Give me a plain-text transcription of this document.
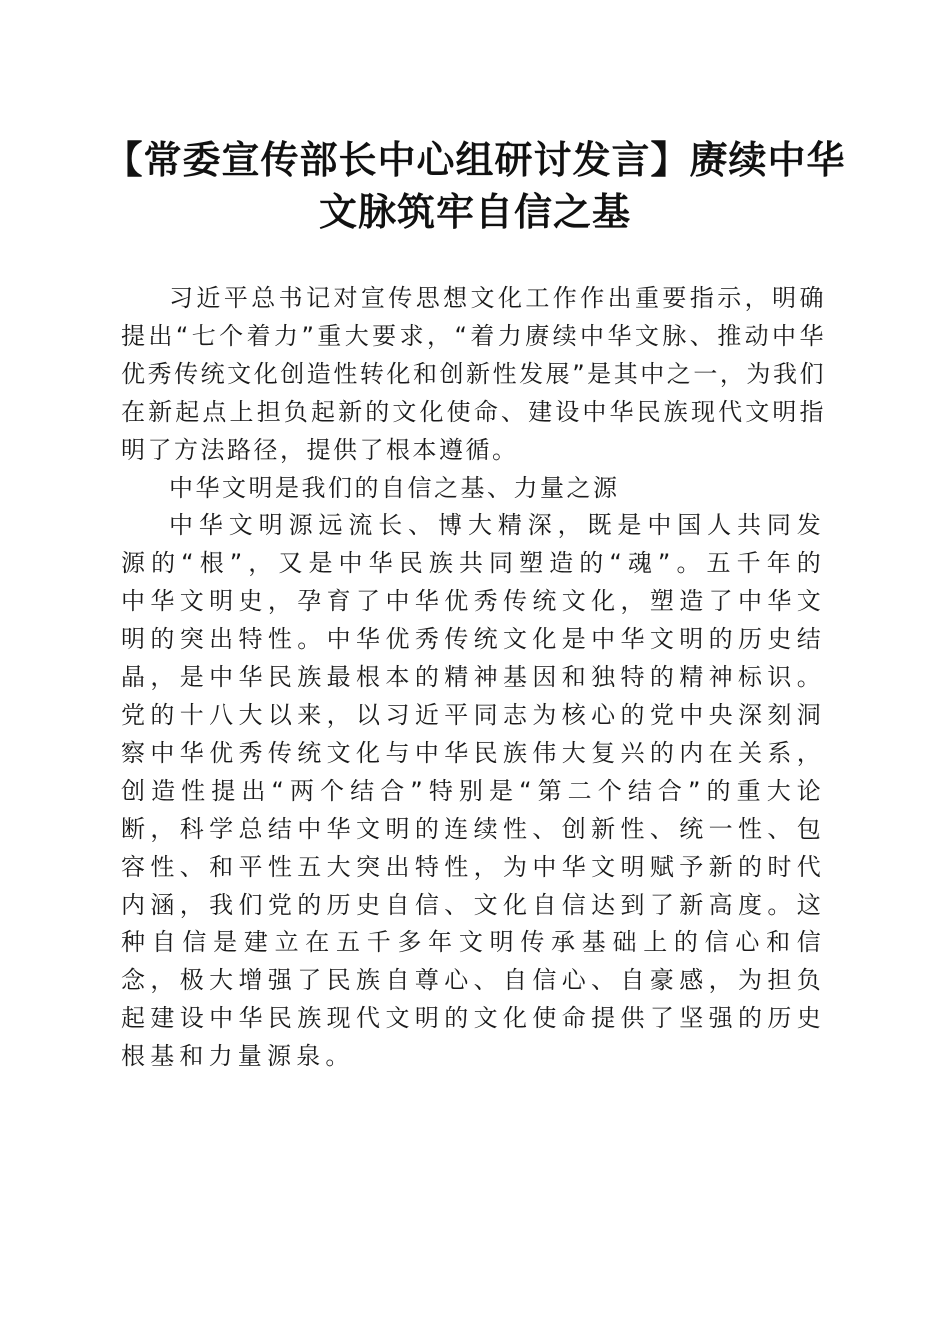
【常委宣传部长中心组研讨发言】赓续中华文脉筑牢自信之基

习近平总书记对宣传思想文化工作作出重要指示，明确提出“七个着力”重大要求，“着力赓续中华文脉、推动中华优秀传统文化创造性转化和创新性发展”是其中之一，为我们在新起点上担负起新的文化使命、建设中华民族现代文明指明了方法路径，提供了根本遵循。

中华文明是我们的自信之基、力量之源

中华文明源远流长、博大精深，既是中国人共同发源的“根”，又是中华民族共同塑造的“魂”。五千年的中华文明史，孕育了中华优秀传统文化，塑造了中华文明的突出特性。中华优秀传统文化是中华文明的历史结晶，是中华民族最根本的精神基因和独特的精神标识。党的十八大以来，以习近平同志为核心的党中央深刻洞察中华优秀传统文化与中华民族伟大复兴的内在关系，创造性提出“两个结合”特别是“第二个结合”的重大论断，科学总结中华文明的连续性、创新性、统一性、包容性、和平性五大突出特性，为中华文明赋予新的时代内涵，我们党的历史自信、文化自信达到了新高度。这种自信是建立在五千多年文明传承基础上的信心和信念，极大增强了民族自尊心、自信心、自豪感，为担负起建设中华民族现代文明的文化使命提供了坚强的历史根基和力量源泉。
